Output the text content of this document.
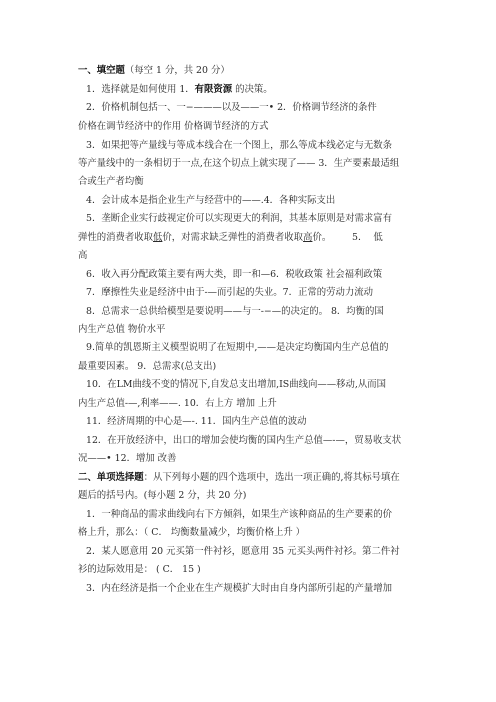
一、填空题（每空 1 分，共 20 分）
1．选择就是如何使用 1．有限资源 的决策。
2．价格机制包括一、一−———以及——一• 2．价格调节经济的条件
价格在调节经济中的作用 价格调节经济的方式
3．如果把等产量线与等成本线合在一个图上，那么等成本线必定与无数条
等产量线中的一条相切于一点,在这个切点上就实现了—— 3．生产要素最适组
合或生产者均衡
4．会计成本是指企业生产与经营中的——.4．各种实际支出
5．垄断企业实行歧视定价可以实现更大的利润，其基本原则是对需求富有
弹性的消费者收取低价，对需求缺乏弹性的消费者收取高价。       5．  低
高
6．收入再分配政策主要有两大类，即一和—6．税收政策 社会福利政策
7．摩擦性失业是经济中由于-—而引起的失业。7．正常的劳动力流动
8．总需求一总供给模型是要说明——与一-−—的决定的。 8．均衡的国
内生产总值 物价水平
9.简单的凯恩斯主义模型说明了在短期中,——是决定均衡国内生产总值的
最重要因素。 9．总需求(总支出)
10．在LM曲线不变的情况下,自发总支出增加,IS曲线向——移动,从而国
内生产总值-—,利率——. 10．右上方 增加 上升
11．经济周期的中心是—-. 11．国内生产总值的波动
12．在开放经济中，出口的增加会使均衡的国内生产总值—-—，贸易收支状
况——• 12．增加 改善
二、单项选择题：从下列每小题的四个选项中，选出一项正确的,将其标号填在
题后的括号内。(每小题 2 分，共 20 分)
1．一种商品的需求曲线向右下方倾斜，如果生产该种商品的生产要素的价
格上升，那么：（ C． 均衡数量减少，均衡价格上升 ）
2．某人愿意用 20 元买第一件衬衫，愿意用 35 元买头两件衬衫。第二件衬
衫的边际效用是： ( C． 15 )
3．内在经济是指一个企业在生产规模扩大时由自身内部所引起的产量增加
